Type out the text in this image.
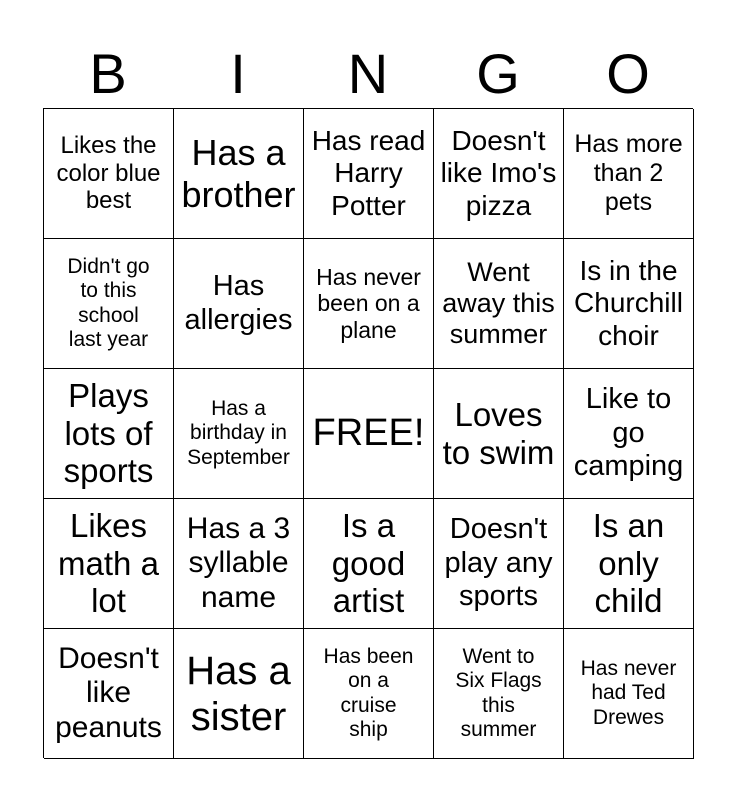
B	I	N	G	O
Likes the
color blue
best
Has a
brother
Has read
Harry
Potter
Doesn't
like Imo's
pizza
Has more
than 2
pets
Didn't go
to this
school
last year
Has
allergies
Has never
been on a
plane
Went
away this
summer
Is in the
Churchill
choir
Plays
lots of
sports
Has a
birthday in
September
FREE! Loves
to swim
Like to
go
camping
Likes
math a
lot
Has a 3
syllable
name
Is a
good
artist
Doesn't
play any
sports
Is an
only
child
Doesn't
like
peanuts
Has a
sister
Has been
on a
cruise
ship
Went to
Six Flags
this
summer
Has never
had Ted
Drewes
